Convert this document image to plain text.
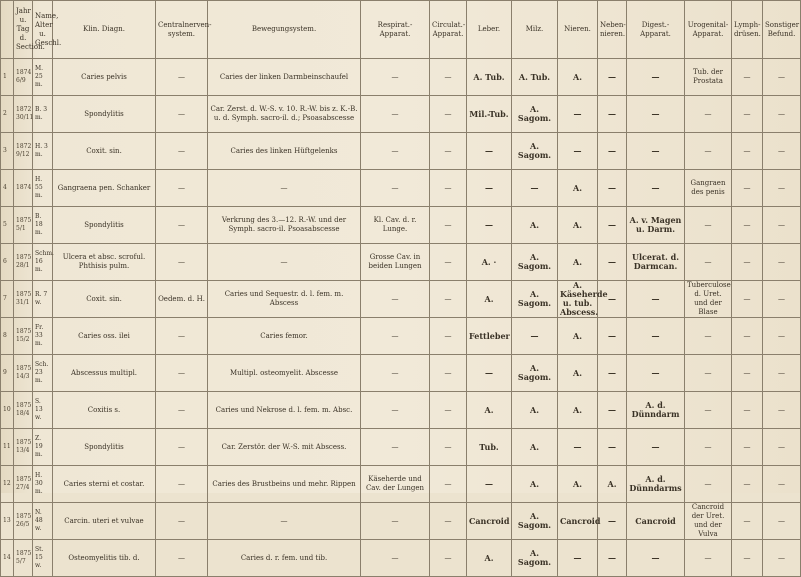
	Jahr u. Tag d. Section.	Name, Alter u. Geschl.	Klin. Diagn.	Centralnerven-system.	Bewegungsystem.	Respirat.-Apparat.	Circulat.-Apparat.	Leber.	Milz.	Nieren.	Neben-nieren.	Digest.-Apparat.	Urogenital-Apparat.	Lymph-drüsen.	Sonstiger Befund.
1	1874 6/9	M. 25 m.	Caries pelvis	—	Caries der linken Darmbeinschaufel	—	—	A. Tub.	A. Tub.	A.	—	—	Tub. der Prostata	—	—
2	1872 30/11	B. 3 m.	Spondylitis	—	Car. Zerst. d. W.-S. v. 10. R.-W. bis z. K.-B. u. d. Symph. sacro-il. d.; Psoasabscesse	—	—	Mil.-Tub.	A. Sagom.	—	—	—	—	—	—
3	1872 9/12	H. 3 m.	Coxit. sin.	—	Caries des linken Hüftgelenks	—	—	—	A. Sagom.	—	—	—	—	—	—
4	1874	H. 55 m.	Gangraena pen. Schanker	—	—	—	—	—	—	A.	—	—	Gangraen des penis	—	—
5	1875 5/1	B. 18 m.	Spondylitis	—	Verkrung des 3.—12. R.-W. und der Symph. sacro-il. Psoasabscesse	Kl. Cav. d. r. Lunge.	—	—	A.	A.	—	A. v. Magen u. Darm.	—	—	—
6	1875 28/1	Schm. 16 m.	Ulcera et absc. scroful. Phthisis pulm.	—	—	Grosse Cav. in beiden Lungen	—	A. ·	A. Sagom.	A.	—	Ulcerat. d. Darmcan.	—	—	—
7	1875 31/1	R. 7 w.	Coxit. sin.	Oedem. d. H.	Caries und Sequestr. d. l. fem. m. Abscess	—	—	A.	A. Sagom.	A. Käseherde u. tub. Abscess.	—	—	Tuberculose d. Uret. und der Blase	—	—
8	1875 15/2	Fr. 33 m.	Caries oss. ilei	—	Caries femor.	—	—	Fettleber	—	A.	—	—	—	—	—
9	1875 14/3	Sch. 23 m.	Abscessus multipl.	—	Multipl. osteomyelit. Abscesse	—	—	—	A. Sagom.	A.	—	—	—	—	—
10	1875 18/4	S. 13 w.	Coxitis s.	—	Caries und Nekrose d. l. fem. m. Absc.	—	—	A.	A.	A.	—	A. d. Dünndarm	—	—	—
11	1875 13/4	Z. 19 m.	Spondylitis	—	Car. Zerstör. der W.-S. mit Abscess.	—	—	Tub.	A.	—	—	—	—	—	—
12	1875 27/4	H. 30 m.	Caries sterni et costar.	—	Caries des Brustbeins und mehr. Rippen	Käseherde und Cav. der Lungen	—	—	A.	A.	A.	A. d. Dünndarms	—	—	—
13	1875 26/5	N. 48 w.	Carcin. uteri et vulvae	—	—	—	—	Cancroid	A. Sagom.	Cancroid	—	Cancroid	Cancroid der Uret. und der Vulva	—	—
14	1875 5/7	St. 15 w.	Osteomyelitis tib. d.	—	Caries d. r. fem. und tib.	—	—	A.	A. Sagom.	—	—	—	—	—	—
